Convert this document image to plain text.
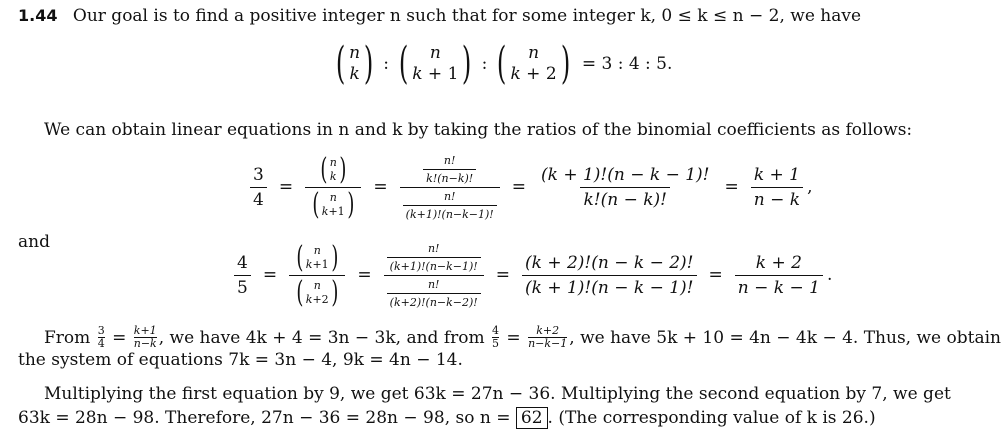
1.44 Our goal is to find a positive integer n such that for some integer k, 0 ≤ k ≤ n − 2, we have
( n
k ) : ( n
k + 1 ) : ( n
k + 2 ) = 3 : 4 : 5.
We can obtain linear equations in n and k by taking the ratios of the binomial coefficients as follows:
$\frac{3}{4}$ = ( n
k )
( n
k+1 ) = $\frac{\frac{n!}{k!(n-k)!}}{\frac{n!}{(k+1)!(n-k-1)!}} = \frac{(k + 1)!(n - k - 1)!}{k!(n - k)!} = \frac{k + 1}{n - k}$ ,
and
$\frac{4}{5}$ = ( n
k+1 )
( n
k+2 ) = $\frac{\frac{n!}{(k+1)!(n-k-1)!}}{\frac{n!}{(k+2)!(n-k-2)!}} = \frac{(k + 2)!(n - k - 2)!}{(k + 1)!(n - k - 1)!} = \frac{k + 2}{n - k - 1}$ .
From $\frac{3}{4} = \frac{k+1}{n-k}$ , we have 4k + 4 = 3n − 3k, and from $\frac{4}{5} = \frac{k+2}{n-k-1}$ , we have 5k + 10 = 4n − 4k − 4. Thus, we obtain
the system of equations 7k = 3n − 4, 9k = 4n − 14.
Multiplying the first equation by 9, we get 63k = 27n − 36. Multiplying the second equation by 7, we get
63k = 28n − 98. Therefore, 27n − 36 = 28n − 98, so n = 62 . (The corresponding value of k is 26.)
